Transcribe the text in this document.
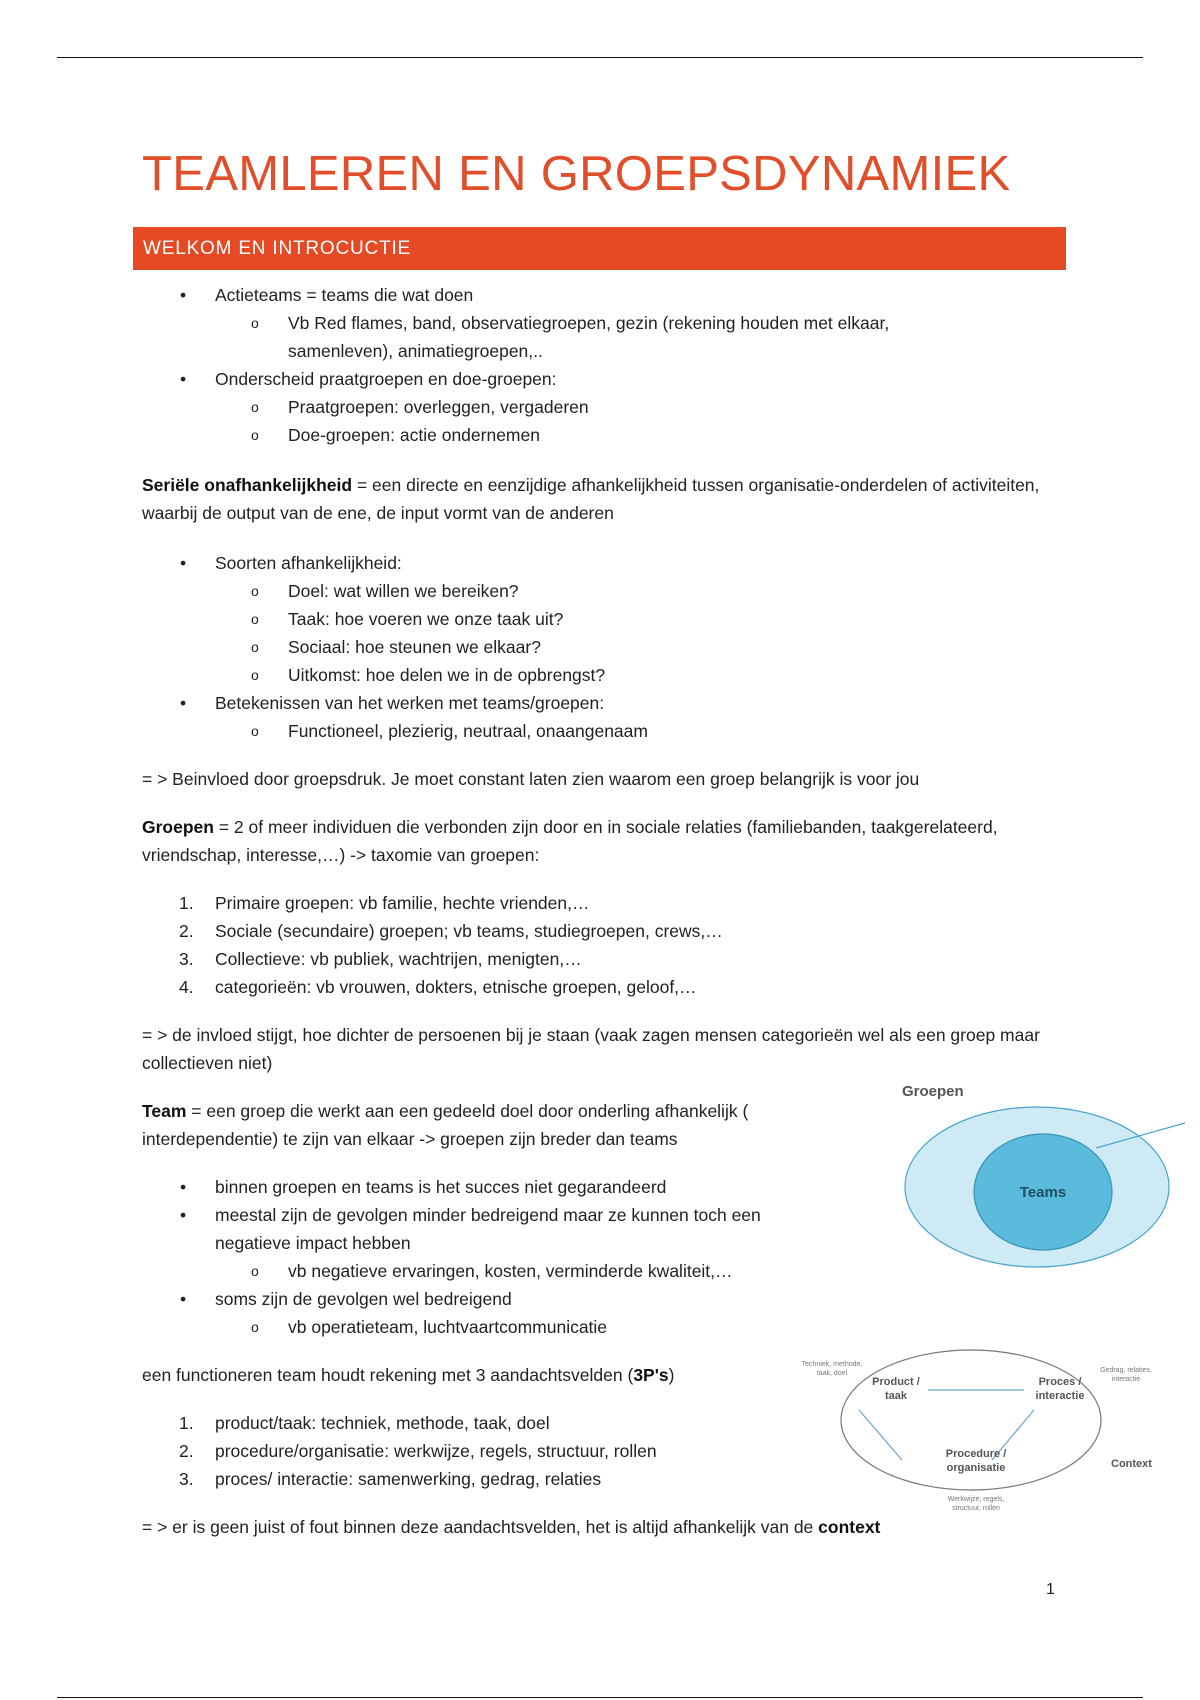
TEAMLEREN EN GROEPSDYNAMIEK
WELKOM EN INTROCUCTIE
• Actieteams = teams die wat doen
o Vb Red flames, band, observatiegroepen, gezin (rekening houden met elkaar, samenleven), animatiegroepen,..
• Onderscheid praatgroepen en doe-groepen:
o Praatgroepen: overleggen, vergaderen
o Doe-groepen: actie ondernemen

Seriële onafhankelijkheid = een directe en eenzijdige afhankelijkheid tussen organisatie-onderdelen of activiteiten, waarbij de output van de ene, de input vormt van de anderen

• Soorten afhankelijkheid:
o Doel: wat willen we bereiken?
o Taak: hoe voeren we onze taak uit?
o Sociaal: hoe steunen we elkaar?
o Uitkomst: hoe delen we in de opbrengst?
• Betekenissen van het werken met teams/groepen:
o Functioneel, plezierig, neutraal, onaangenaam

= > Beinvloed door groepsdruk. Je moet constant laten zien waarom een groep belangrijk is voor jou

Groepen = 2 of meer individuen die verbonden zijn door en in sociale relaties (familiebanden, taakgerelateerd, vriendschap, interesse,…) -> taxomie van groepen:

1. Primaire groepen: vb familie, hechte vrienden,…
2. Sociale (secundaire) groepen; vb teams, studiegroepen, crews,…
3. Collectieve: vb publiek, wachtrijen, menigten,…
4. categorieën: vb vrouwen, dokters, etnische groepen, geloof,…

= > de invloed stijgt, hoe dichter de persoenen bij je staan (vaak zagen mensen categorieën wel als een groep maar collectieven niet)

Team = een groep die werkt aan een gedeeld doel door onderling afhankelijk ( interdependentie) te zijn van elkaar -> groepen zijn breder dan teams

• binnen groepen en teams is het succes niet gegarandeerd
• meestal zijn de gevolgen minder bedreigend maar ze kunnen toch een negatieve impact hebben
o vb negatieve ervaringen, kosten, verminderde kwaliteit,…
• soms zijn de gevolgen wel bedreigend
o vb operatieteam, luchtvaartcommunicatie

een functioneren team houdt rekening met 3 aandachtsvelden (3P's)

1. product/taak: techniek, methode, taak, doel
2. procedure/organisatie: werkwijze, regels, structuur, rollen
3. proces/ interactie: samenwerking, gedrag, relaties

= > er is geen juist of fout binnen deze aandachtsvelden, het is altijd afhankelijk van de context

Groepen
Teams
Product /
taak
Proces /
interactie
Procedure /
organisatie	Context
Techniek, methode,
taak, doel	Gedrag, relaties,
interactie
Werkwijze, regels,
structuur, rollen
1
